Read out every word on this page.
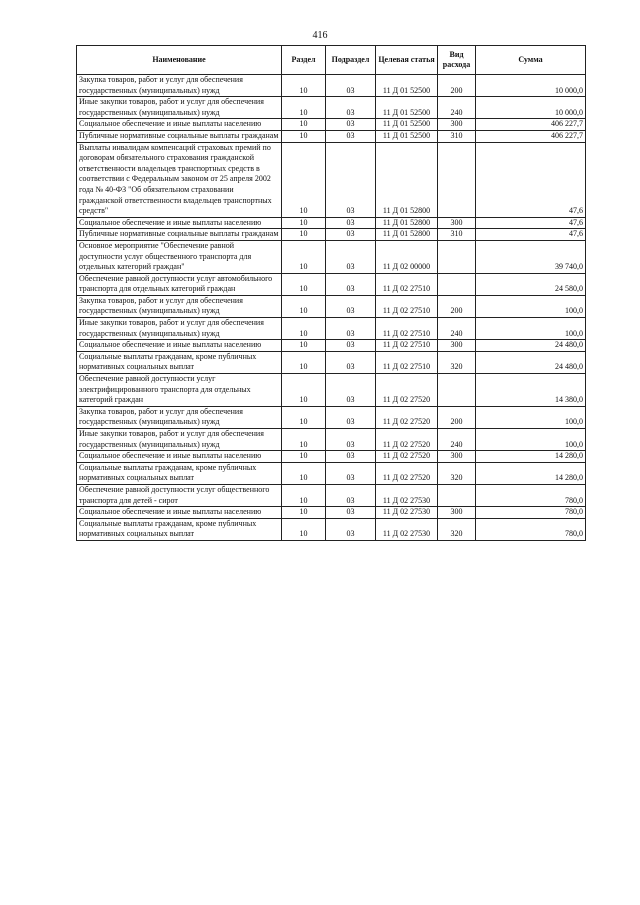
416
Наименование	Раздел	Подраздел	Целевая статья	Вид расхода	Сумма
Закупка товаров, работ и услуг для обеспечения государственных (муниципальных) нужд	10	03	11 Д 01 52500	200	10 000,0
Иные закупки товаров, работ и услуг для обеспечения государственных (муниципальных) нужд	10	03	11 Д 01 52500	240	10 000,0
Социальное обеспечение и иные выплаты населению	10	03	11 Д 01 52500	300	406 227,7
Публичные нормативные социальные выплаты гражданам	10	03	11 Д 01 52500	310	406 227,7
Выплаты инвалидам компенсаций страховых премий по договорам обязательного страхования гражданской ответственности владельцев транспортных средств в соответствии с Федеральным законом от 25 апреля 2002 года № 40-ФЗ "Об обязательном страховании гражданской ответственности владельцев транспортных средств"	10	03	11 Д 01 52800		47,6
Социальное обеспечение и иные выплаты населению	10	03	11 Д 01 52800	300	47,6
Публичные нормативные социальные выплаты гражданам	10	03	11 Д 01 52800	310	47,6
Основное мероприятие "Обеспечение равной доступности услуг общественного транспорта для отдельных категорий граждан"	10	03	11 Д 02 00000		39 740,0
Обеспечение равной доступности услуг автомобильного транспорта для отдельных категорий граждан	10	03	11 Д 02 27510		24 580,0
Закупка товаров, работ и услуг для обеспечения государственных (муниципальных) нужд	10	03	11 Д 02 27510	200	100,0
Иные закупки товаров, работ и услуг для обеспечения государственных (муниципальных) нужд	10	03	11 Д 02 27510	240	100,0
Социальное обеспечение и иные выплаты населению	10	03	11 Д 02 27510	300	24 480,0
Социальные выплаты гражданам, кроме публичных нормативных социальных выплат	10	03	11 Д 02 27510	320	24 480,0
Обеспечение равной доступности услуг электрифицированного транспорта для отдельных категорий граждан	10	03	11 Д 02 27520		14 380,0
Закупка товаров, работ и услуг для обеспечения государственных (муниципальных) нужд	10	03	11 Д 02 27520	200	100,0
Иные закупки товаров, работ и услуг для обеспечения государственных (муниципальных) нужд	10	03	11 Д 02 27520	240	100,0
Социальное обеспечение и иные выплаты населению	10	03	11 Д 02 27520	300	14 280,0
Социальные выплаты гражданам, кроме публичных нормативных социальных выплат	10	03	11 Д 02 27520	320	14 280,0
Обеспечение равной доступности услуг общественного транспорта для детей - сирот	10	03	11 Д 02 27530		780,0
Социальное обеспечение и иные выплаты населению	10	03	11 Д 02 27530	300	780,0
Социальные выплаты гражданам, кроме публичных нормативных социальных выплат	10	03	11 Д 02 27530	320	780,0
